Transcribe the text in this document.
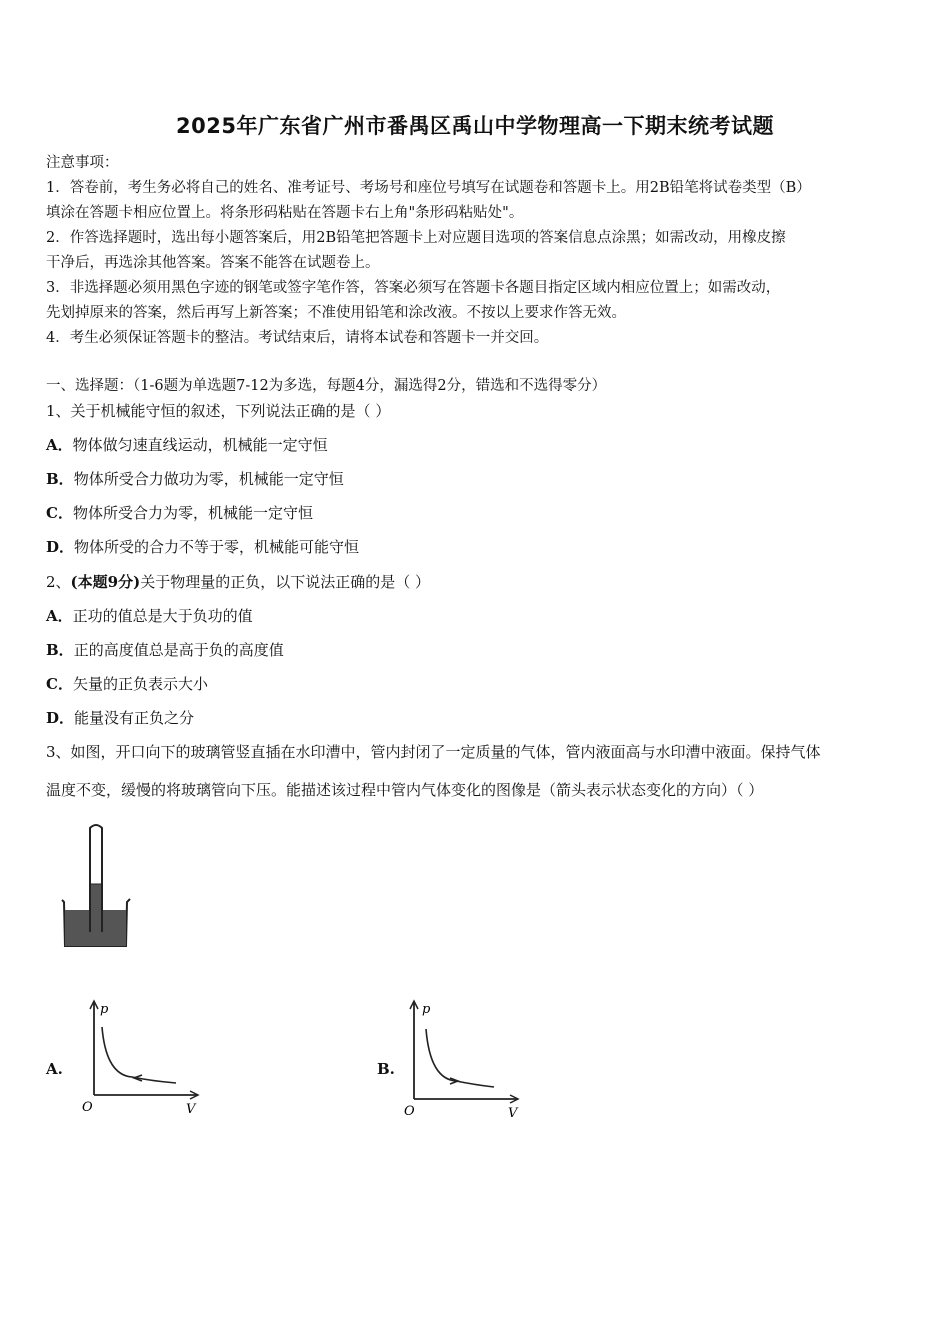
2025年广东省广州市番禺区禹山中学物理高一下期末统考试题
注意事项：
1．答卷前，考生务必将自己的姓名、准考证号、考场号和座位号填写在试题卷和答题卡上。用2B铅笔将试卷类型（B）
填涂在答题卡相应位置上。将条形码粘贴在答题卡右上角"条形码粘贴处"。
2．作答选择题时，选出每小题答案后，用2B铅笔把答题卡上对应题目选项的答案信息点涂黑；如需改动，用橡皮擦
干净后，再选涂其他答案。答案不能答在试题卷上。
3．非选择题必须用黑色字迹的钢笔或签字笔作答，答案必须写在答题卡各题目指定区域内相应位置上；如需改动，
先划掉原来的答案，然后再写上新答案；不准使用铅笔和涂改液。不按以上要求作答无效。
4．考生必须保证答题卡的整洁。考试结束后，请将本试卷和答题卡一并交回。
一、选择题：（1-6题为单选题7-12为多选，每题4分，漏选得2分，错选和不选得零分）
1、关于机械能守恒的叙述，下列说法正确的是（ ）
A．物体做匀速直线运动，机械能一定守恒
B．物体所受合力做功为零，机械能一定守恒
C．物体所受合力为零，机械能一定守恒
D．物体所受的合力不等于零，机械能可能守恒
2、(本题9分)关于物理量的正负，以下说法正确的是（ ）
A．正功的值总是大于负功的值
B．正的高度值总是高于负的高度值
C．矢量的正负表示大小
D．能量没有正负之分
3、如图，开口向下的玻璃管竖直插在水印漕中，管内封闭了一定质量的气体，管内液面高与水印漕中液面。保持气体
温度不变，缓慢的将玻璃管向下压。能描述该过程中管内气体变化的图像是（箭头表示状态变化的方向）（ ）
A.
p
O	V
B.
p
O	V
